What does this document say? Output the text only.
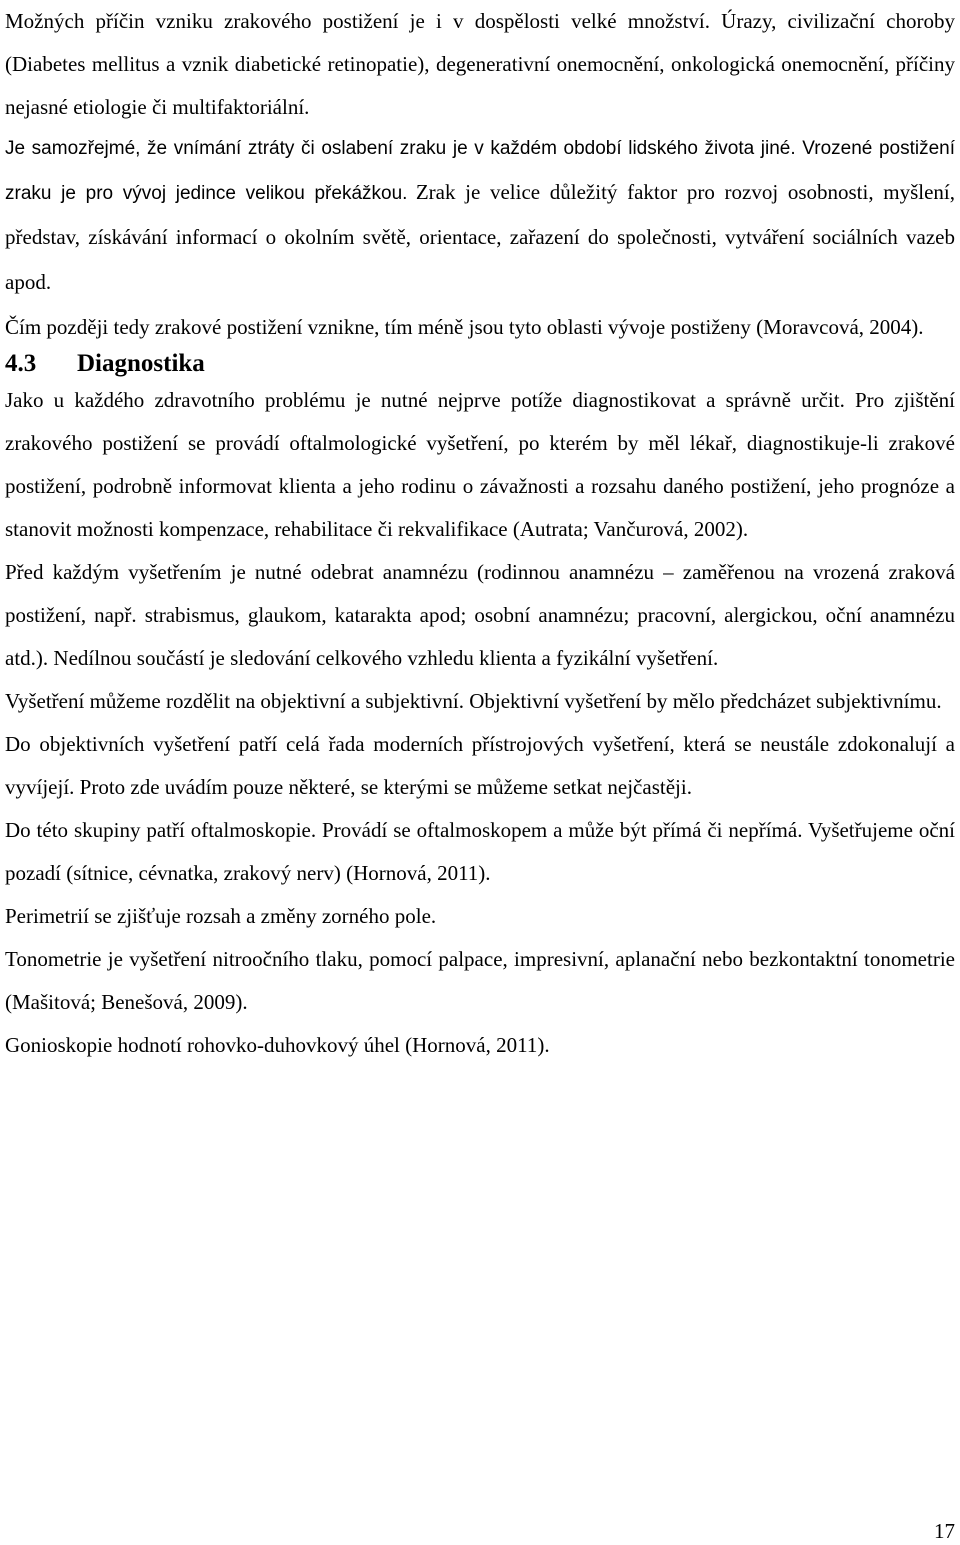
Možných příčin vzniku zrakového postižení je i v dospělosti velké množství. Úrazy, civilizační choroby (Diabetes mellitus a vznik diabetické retinopatie), degenerativní onemocnění, onkologická onemocnění, příčiny nejasné etiologie či multifaktoriální.

Je samozřejmé, že vnímání ztráty či oslabení zraku je v každém období lidského života jiné. Vrozené postižení zraku je pro vývoj jedince velikou překážkou.

Zrak je velice důležitý faktor pro rozvoj osobnosti, myšlení, představ, získávání informací o okolním světě, orientace, zařazení do společnosti, vytváření sociálních vazeb apod.

Čím později tedy zrakové postižení vznikne, tím méně jsou tyto oblasti vývoje postiženy (Moravcová, 2004).

4.3	Diagnostika

Jako u každého zdravotního problému je nutné nejprve potíže diagnostikovat a správně určit. Pro zjištění zrakového postižení se provádí oftalmologické vyšetření, po kterém by měl lékař, diagnostikuje-li zrakové postižení, podrobně informovat klienta a jeho rodinu o závažnosti a rozsahu daného postižení, jeho prognóze a stanovit možnosti kompenzace, rehabilitace či rekvalifikace (Autrata; Vančurová, 2002).

Před každým vyšetřením je nutné odebrat anamnézu (rodinnou anamnézu – zaměřenou na vrozená zraková postižení, např. strabismus, glaukom, katarakta apod; osobní anamnézu; pracovní, alergickou, oční anamnézu atd.). Nedílnou součástí je sledování celkového vzhledu klienta a fyzikální vyšetření.

Vyšetření můžeme rozdělit na objektivní a subjektivní. Objektivní vyšetření by mělo předcházet subjektivnímu.

Do objektivních vyšetření patří celá řada moderních přístrojových vyšetření, která se neustále zdokonalují a vyvíjejí. Proto zde uvádím pouze některé, se kterými se můžeme setkat nejčastěji.

Do této skupiny patří oftalmoskopie. Provádí se oftalmoskopem a může být přímá či nepřímá. Vyšetřujeme oční pozadí (sítnice, cévnatka, zrakový nerv) (Hornová, 2011).

Perimetrií se zjišťuje rozsah a změny zorného pole.

Tonometrie je vyšetření nitroočního tlaku, pomocí palpace, impresivní, aplanační nebo bezkontaktní tonometrie (Mašitová; Benešová, 2009).

Gonioskopie hodnotí rohovko-duhovkový úhel (Hornová, 2011).

17
